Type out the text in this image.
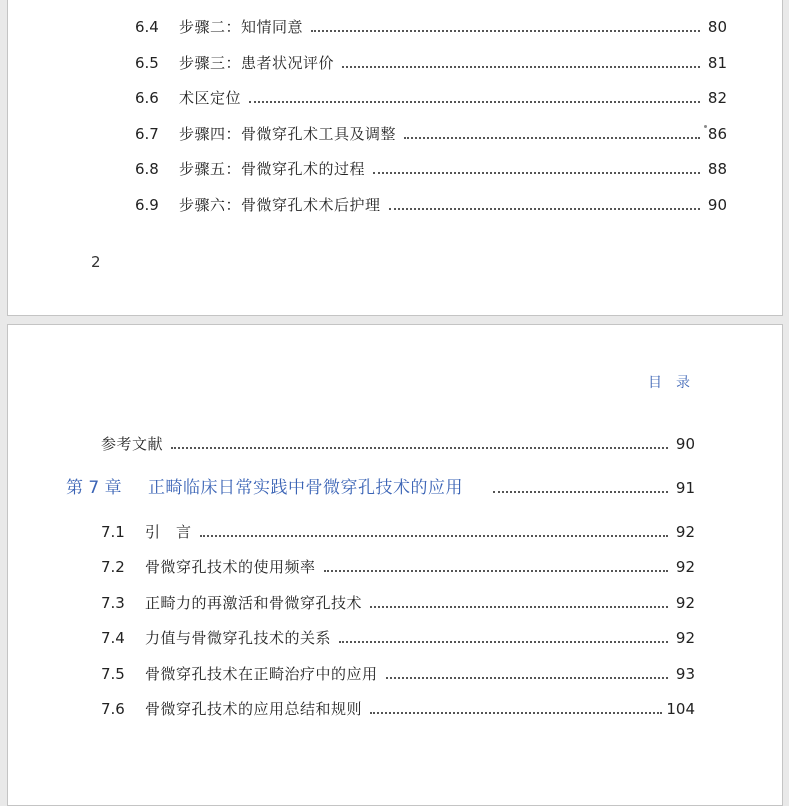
6.4	步骤二：知情同意	80
6.5	步骤三：患者状况评价	81
6.6	术区定位	82
6.7	步骤四：骨微穿孔术工具及调整	86
6.8	步骤五：骨微穿孔术的过程	88
6.9	步骤六：骨微穿孔术术后护理	90
2
目录
参考文献	90
第 7 章	正畸临床日常实践中骨微穿孔技术的应用	91
7.1	引　言	92
7.2	骨微穿孔技术的使用频率	92
7.3	正畸力的再激活和骨微穿孔技术	92
7.4	力值与骨微穿孔技术的关系	92
7.5	骨微穿孔技术在正畸治疗中的应用	93
7.6	骨微穿孔技术的应用总结和规则	104
